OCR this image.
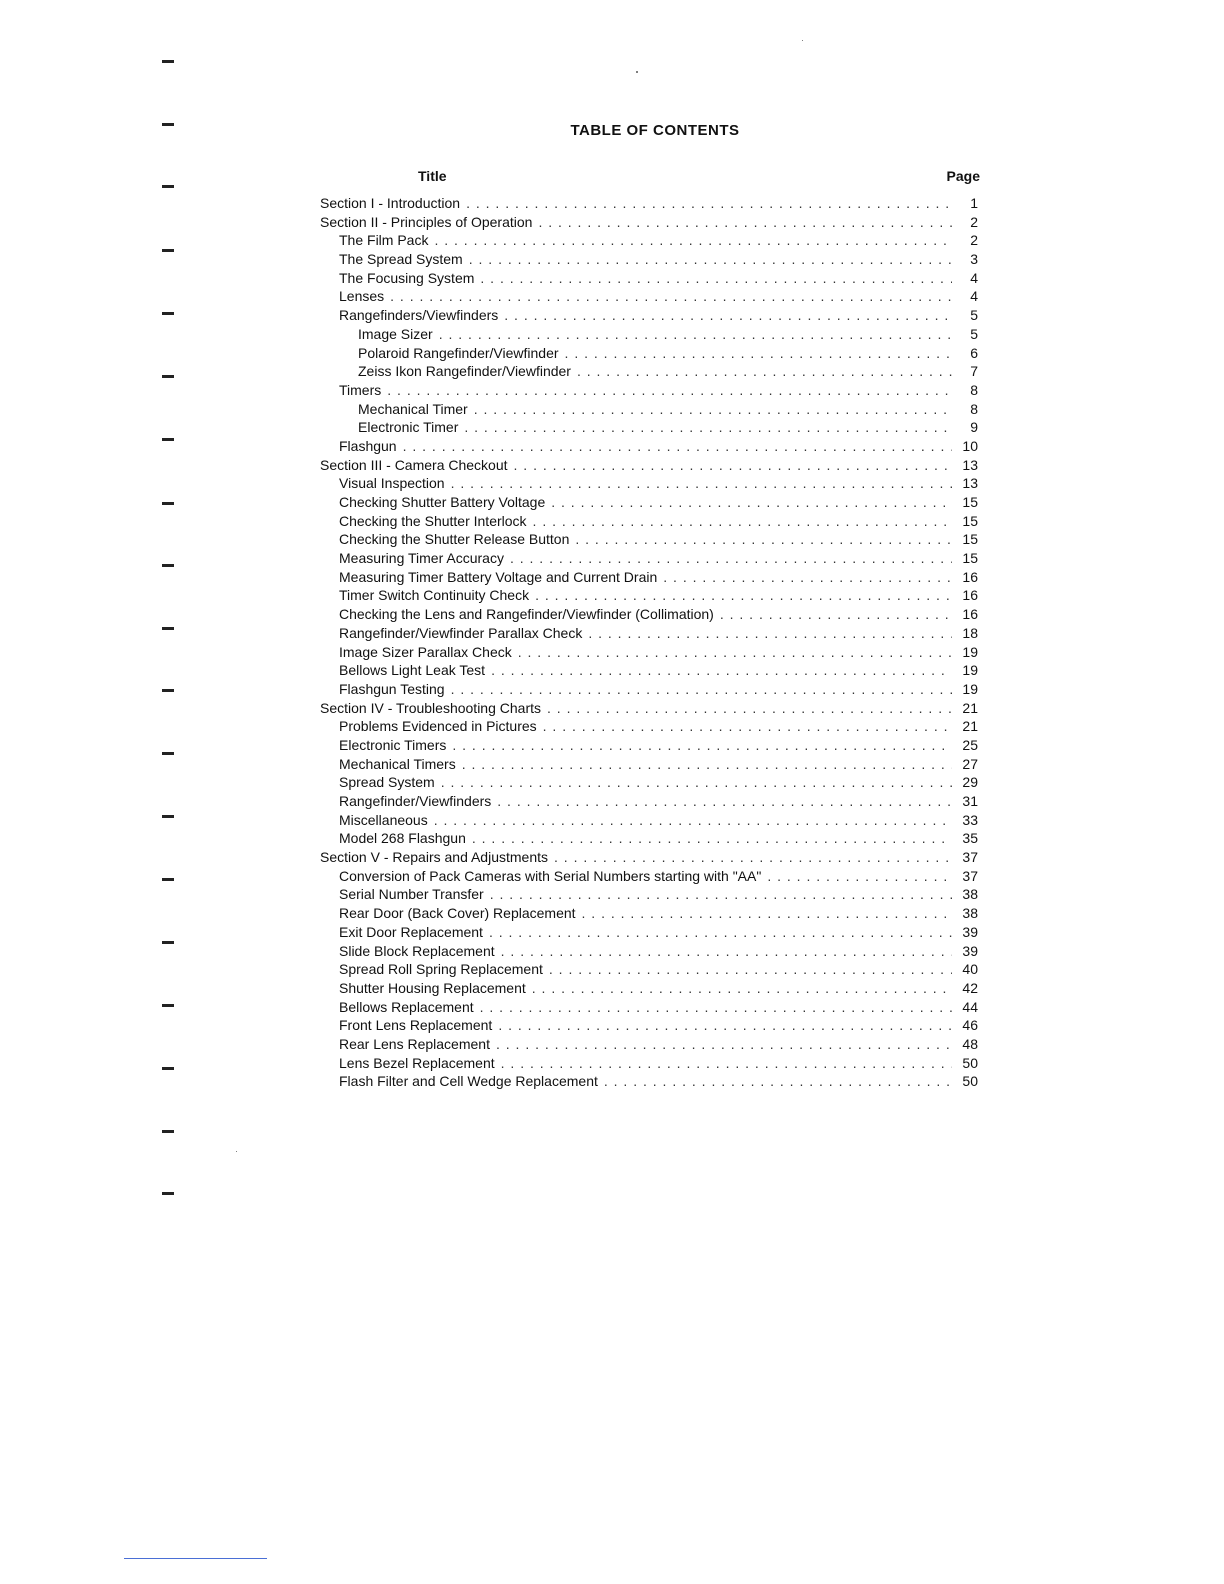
TABLE OF CONTENTS
Title	Page
Section I - Introduction . . .	1
Section II - Principles of Operation . . .	2
The Film Pack . . .	2
The Spread System . . .	3
The Focusing System . . .	4
Lenses . . .	4
Rangefinders/Viewfinders . . .	5
Image Sizer . . .	5
Polaroid Rangefinder/Viewfinder . . .	6
Zeiss Ikon Rangefinder/Viewfinder . . .	7
Timers . . .	8
Mechanical Timer . . .	8
Electronic Timer . . .	9
Flashgun . . .	10
Section III - Camera Checkout . . .	13
Visual Inspection . . .	13
Checking Shutter Battery Voltage . . .	15
Checking the Shutter Interlock . . .	15
Checking the Shutter Release Button . . .	15
Measuring Timer Accuracy . . .	15
Measuring Timer Battery Voltage and Current Drain . . .	16
Timer Switch Continuity Check . . .	16
Checking the Lens and Rangefinder/Viewfinder (Collimation) . . .	16
Rangefinder/Viewfinder Parallax Check . . .	18
Image Sizer Parallax Check . . .	19
Bellows Light Leak Test . . .	19
Flashgun Testing . . .	19
Section IV - Troubleshooting Charts . . .	21
Problems Evidenced in Pictures . . .	21
Electronic Timers . . .	25
Mechanical Timers . . .	27
Spread System . . .	29
Rangefinder/Viewfinders . . .	31
Miscellaneous . . .	33
Model 268 Flashgun . . .	35
Section V - Repairs and Adjustments . . .	37
Conversion of Pack Cameras with Serial Numbers starting with "AA" . . .	37
Serial Number Transfer . . .	38
Rear Door (Back Cover) Replacement . . .	38
Exit Door Replacement . . .	39
Slide Block Replacement . . .	39
Spread Roll Spring Replacement . . .	40
Shutter Housing Replacement . . .	42
Bellows Replacement . . .	44
Front Lens Replacement . . .	46
Rear Lens Replacement . . .	48
Lens Bezel Replacement . . .	50
Flash Filter and Cell Wedge Replacement . . .	50
